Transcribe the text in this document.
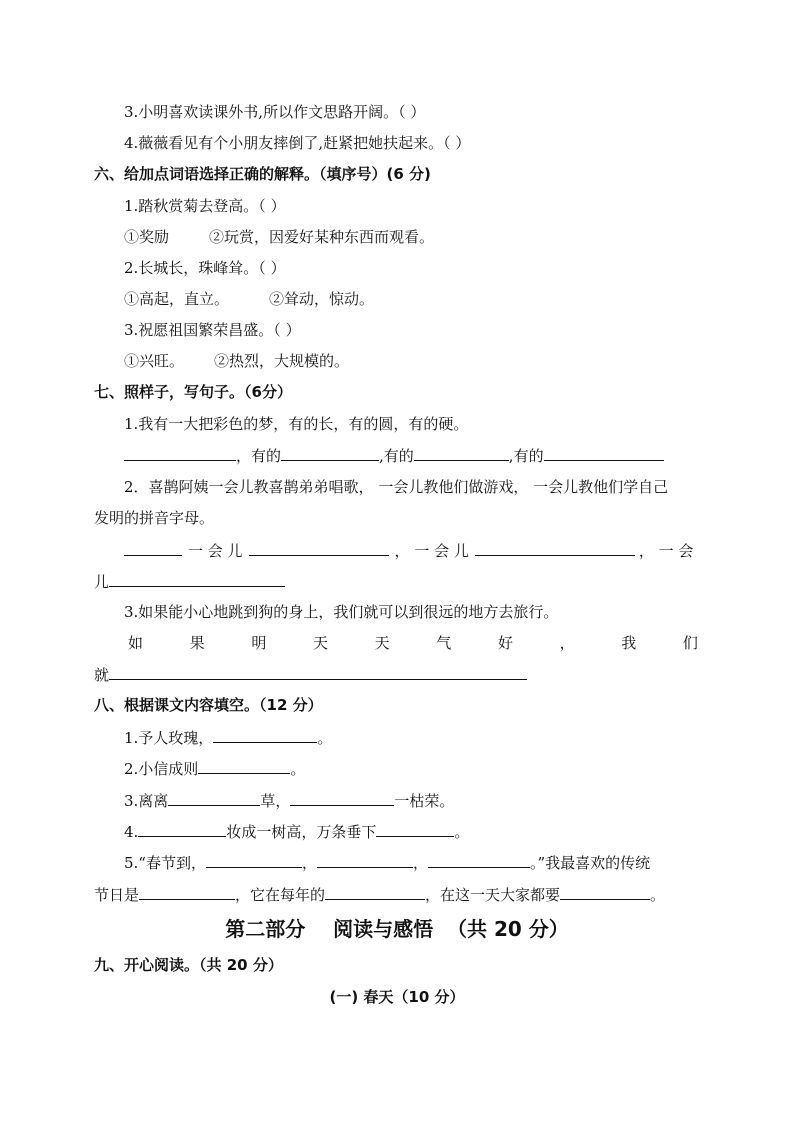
3.小明喜欢读课外书,所以作文思路开阔。（ ）
4.薇薇看见有个小朋友摔倒了,赶紧把她扶起来。（ ）
六、给加点词语选择正确的解释。（填序号）(6 分)
1.踏秋赏菊去登高。（ ）
①奖励	②玩赏，因爱好某种东西而观看。
2.长城长，珠峰耸。（ ）
①高起，直立。	②耸动，惊动。
3.祝愿祖国繁荣昌盛。（ ）
①兴旺。 ②热烈，大规模的。
七、照样子，写句子。（6分）
1.我有一大把彩色的梦，有的长，有的圆，有的硬。
，有的	,有的	,有的
2．喜鹊阿姨一会儿教喜鹊弟弟唱歌， 一会儿教他们做游戏， 一会儿教他们学自己
发明的拼音字母。
一 会 儿	， 一 会 儿	， 一 会
儿
3.如果能小心地跳到狗的身上，我们就可以到很远的地方去旅行。
如	果	明	天	天	气	好	，	我	们
就
八、根据课文内容填空。（12 分）
1.予人玫瑰，	。
2.小信成则	。
3.离离	草，	一枯荣。
4.	妆成一树高，万条垂下	。
5.“春节到，	，	，	。”我最喜欢的传统
节日是	，它在每年的	，在这一天大家都要	。
第二部分    阅读与感悟  （共 20 分）
九、开心阅读。（共 20 分）
(一) 春天（10 分）
